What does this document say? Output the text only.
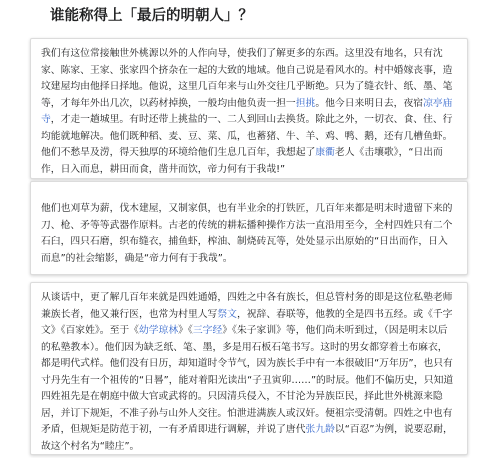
谁能称得上「最后的明朝人」？

我们有这位常接触世外桃源以外的人作向导，使我们了解更多的东西。这里没有地名，只有沈家、陈家、王家、张家四个挤杂在一起的大致的地域。他自己说是看风水的。村中婚嫁丧事，造坟建屋均由他择日择地。他说，这里几百年来与山外交往几乎断绝。只为了缝衣针、纸、墨、笔等，才每年外出几次，以药材掉换，一般均由他负责一担一担挑。他今日来明日去，夜宿凉亭庙寺，才走一趟城里。有时还带上挑盐的一、二人到回山去换货。除此之外，一切衣、食、住、行均能就地解决。他们既种稻、麦、豆、菜、瓜，也蓄猪、牛、羊、鸡、鸭、鹅，还有几槽鱼虾。他们不愁旱及涝，得天独厚的环境给他们生息几百年，我想起了康衢老人《击壤歌》，“日出而作，日入而息，耕田而食，凿井而饮，帝力何有于我哉!”

他们也刈草为薪，伐木建屋，又制家俱，也有半业余的打铁匠，几百年来都是明末时遗留下来的刀、枪、矛等等武器作原料。古老的传统的耕耘播种操作方法一直沿用至今，全村四姓只有二个石臼，四只石磨，织布缝衣，捕鱼虾，榨油、制烧砖瓦等，处处显示出原始的“日出而作，日入而息”的社会缩影，确是“帝力何有于我哉”。

从谈话中，更了解几百年来就是四姓通婚，四姓之中各有族长，但总管村务的即是这位私塾老师兼族长者，他又兼行医，也常为村里人写祭文，祝辞、春联等，他教的全是四书五经。或《千字文》《百家姓》。至于《幼学琼林》《三字经》《朱子家训》等，他们尚未听到过，（因是明末以后的私塾教本）。他们因为缺乏纸、笔、墨，多是用石板石笔书写。这时的男女都穿着土布麻衣，都是明代式样。他们没有日历，却知道时令节气，因为族长手中有一本很破旧“万年历”，也只有寸丹先生有一个祖传的“日晷”，能对着阳光读出“子丑寅卯……”的时辰。他们不偏历史，只知道四姓祖先是在朝庭中做大官或武将的。只因清兵侵入，不甘沦为异族臣民，择此世外桃源来隐居，并订下规矩，不准子孙与山外人交往。怕泄进满族人或汉奸。便祖宗受清朝。四姓之中也有矛盾，但规矩是防范于初，一有矛盾即进行调解，并说了唐代张九龄以“百忍”为例，说要忍耐，故这个村名为“睦庄”。
